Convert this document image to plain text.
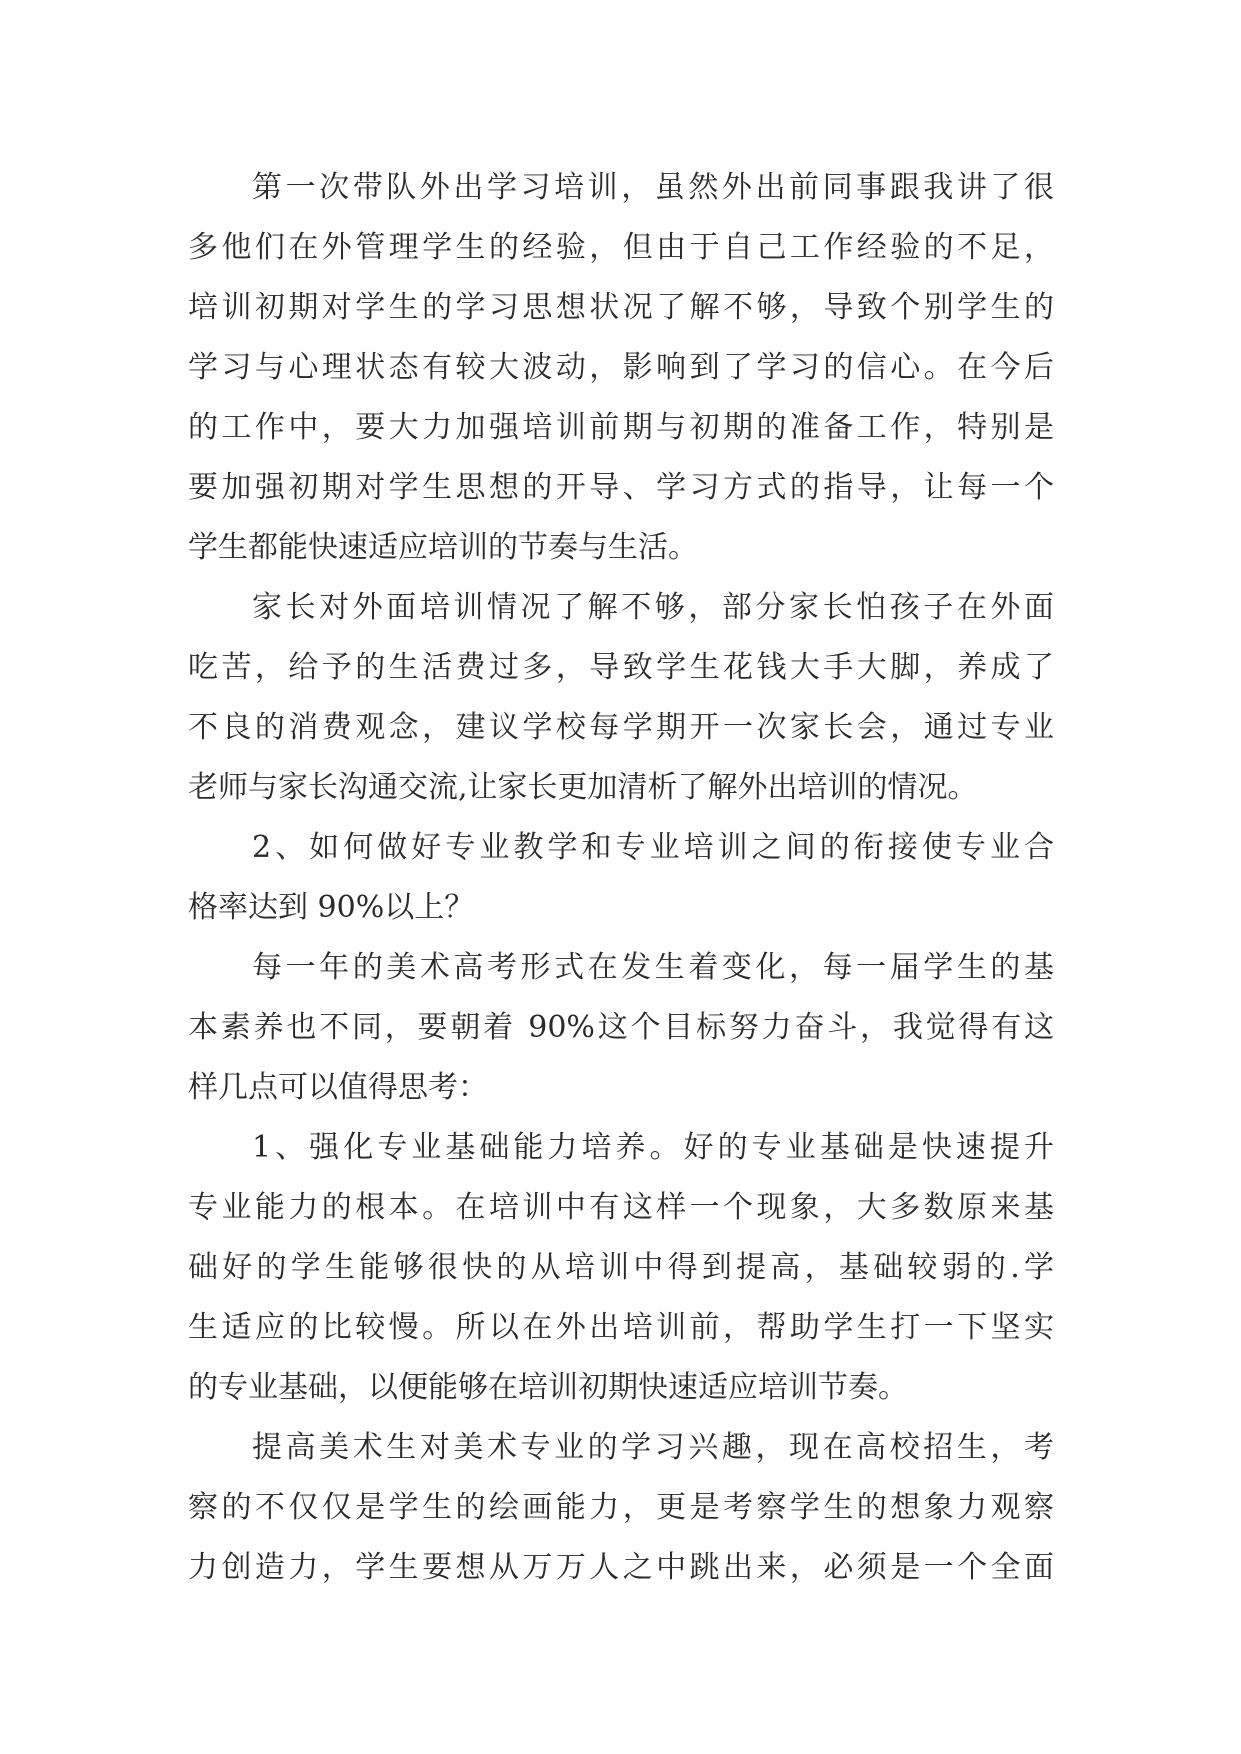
第一次带队外出学习培训，虽然外出前同事跟我讲了很
多他们在外管理学生的经验，但由于自己工作经验的不足，
培训初期对学生的学习思想状况了解不够，导致个别学生的
学习与心理状态有较大波动，影响到了学习的信心。在今后
的工作中，要大力加强培训前期与初期的准备工作，特别是
要加强初期对学生思想的开导、学习方式的指导，让每一个
学生都能快速适应培训的节奏与生活。
家长对外面培训情况了解不够，部分家长怕孩子在外面
吃苦，给予的生活费过多，导致学生花钱大手大脚，养成了
不良的消费观念，建议学校每学期开一次家长会，通过专业
老师与家长沟通交流,让家长更加清析了解外出培训的情况。
2、如何做好专业教学和专业培训之间的衔接使专业合
格率达到 90%以上？
每一年的美术高考形式在发生着变化，每一届学生的基
本素养也不同，要朝着 90%这个目标努力奋斗，我觉得有这
样几点可以值得思考：
1、强化专业基础能力培养。好的专业基础是快速提升
专业能力的根本。在培训中有这样一个现象，大多数原来基
础好的学生能够很快的从培训中得到提高，基础较弱的.学
生适应的比较慢。所以在外出培训前，帮助学生打一下坚实
的专业基础，以便能够在培训初期快速适应培训节奏。
提高美术生对美术专业的学习兴趣，现在高校招生，考
察的不仅仅是学生的绘画能力，更是考察学生的想象力观察
力创造力，学生要想从万万人之中跳出来，必须是一个全面
